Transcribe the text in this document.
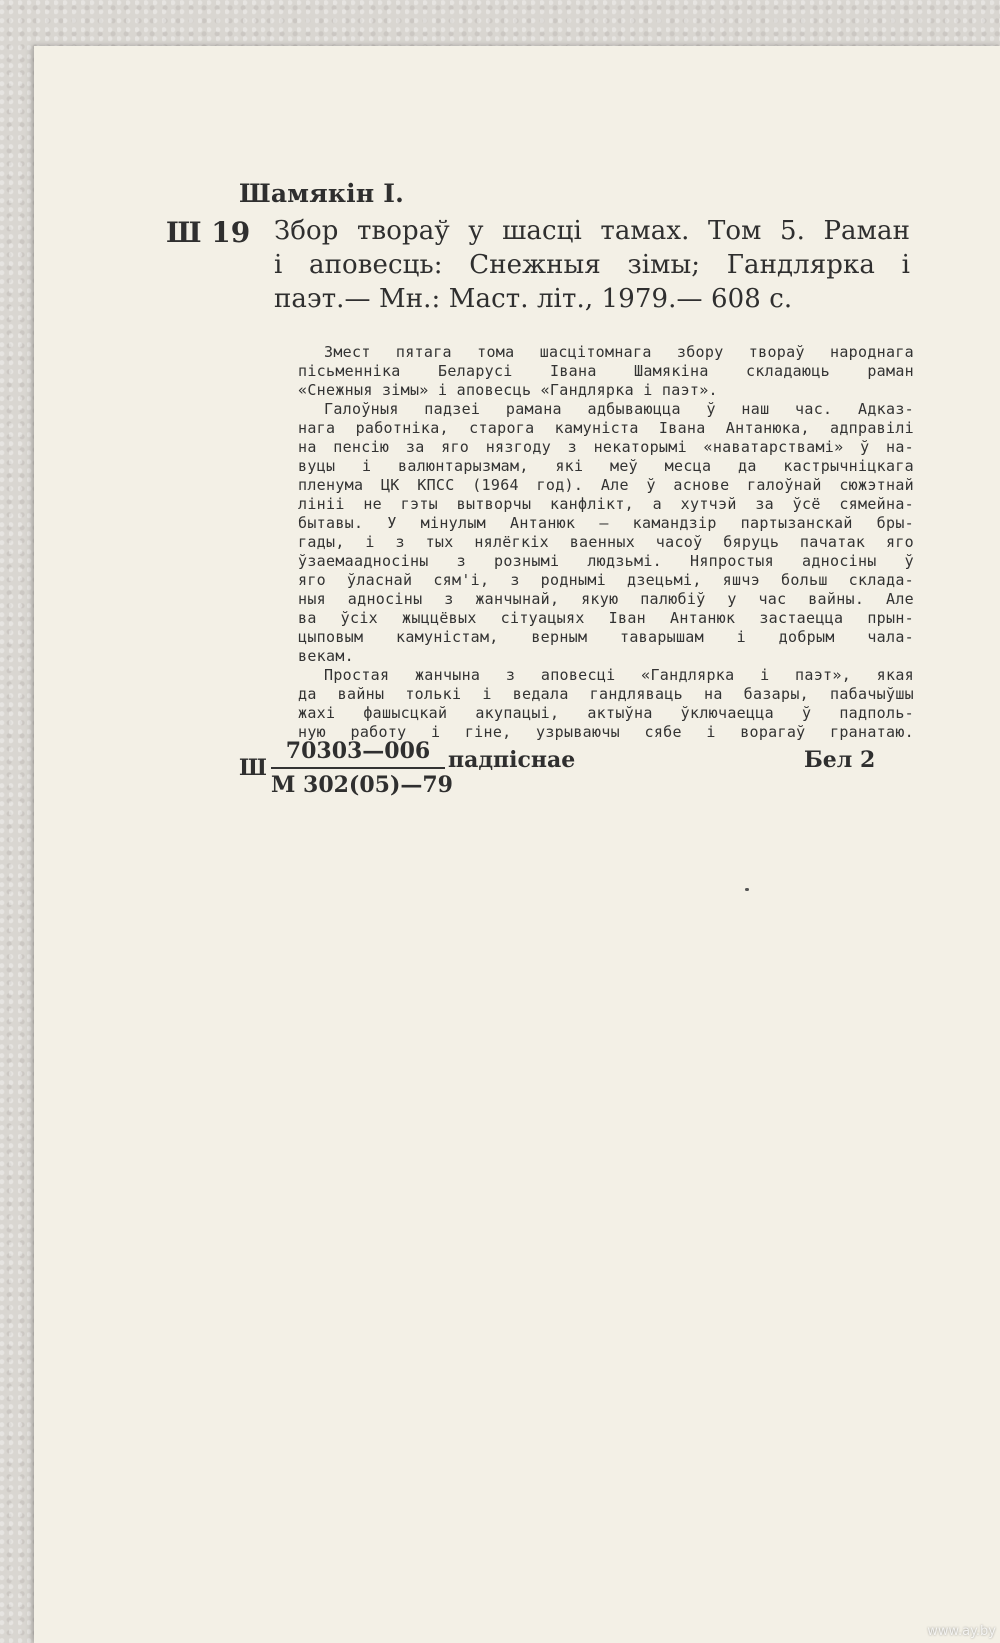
Шамякін І.
Ш 19 Збор твораў у шасці тамах. Том 5. Раман
і аповесць: Снежныя зімы; Гандлярка і
паэт.— Мн.: Маст. літ., 1979.— 608 с.
Змест пятага тома шасцітомнага збору твораў народнага
пісьменніка Беларусі Івана Шамякіна складаюць раман
«Снежныя зімы» і аповесць «Гандлярка і паэт».
Галоўныя падзеі рамана адбываюцца ў наш час. Адказ-
нага работніка, старога камуніста Івана Антанюка, адправілі
на пенсію за яго нязгоду з некаторымі «наватарствамі» ў на-
вуцы і валюнтарызмам, які меў месца да кастрычніцкага
пленума ЦК КПСС (1964 год). Але ў аснове галоўнай сюжэтнай
лініі не гэты вытворчы канфлікт, а хутчэй за ўсё сямейна-
бытавы. У мінулым Антанюк — камандзір партызанскай бры-
гады, і з тых нялёгкіх ваенных часоў бяруць пачатак яго
ўзаемаадносіны з рознымі людзьмі. Няпростыя адносіны ў
яго ўласнай сям'і, з роднымі дзецьмі, яшчэ больш склада-
ныя адносіны з жанчынай, якую палюбіў у час вайны. Але
ва ўсіх жыццёвых сітуацыях Іван Антанюк застаецца прын-
цыповым камуністам, верным таварышам і добрым чала-
векам.
Простая жанчына з аповесці «Гандлярка і паэт», якая
да вайны толькі і ведала гандляваць на базары, пабачыўшы
жахі фашысцкай акупацыі, актыўна ўключаецца ў падполь-
ную работу і гіне, узрываючы сябе і ворагаў гранатаю.
Ш
70303—006
М 302(05)—79
падпіснае	Бел 2
www.ay.by
